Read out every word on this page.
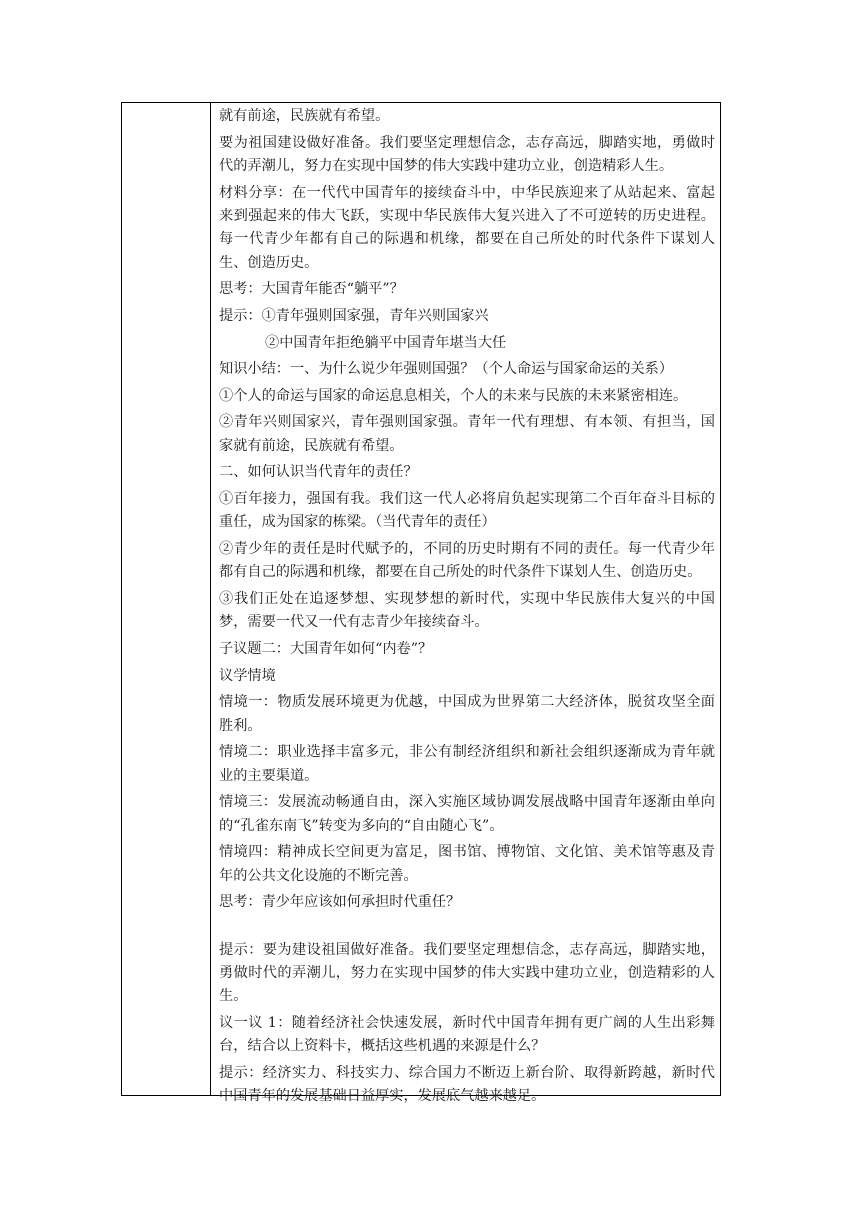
就有前途，民族就有希望。

要为祖国建设做好准备。我们要坚定理想信念，志存高远，脚踏实地，勇做时代的弄潮儿，努力在实现中国梦的伟大实践中建功立业，创造精彩人生。

材料分享：在一代代中国青年的接续奋斗中，中华民族迎来了从站起来、富起来到强起来的伟大飞跃，实现中华民族伟大复兴进入了不可逆转的历史进程。每一代青少年都有自己的际遇和机缘，都要在自己所处的时代条件下谋划人生、创造历史。

思考：大国青年能否“躺平”？

提示：①青年强则国家强，青年兴则国家兴

②中国青年拒绝躺平中国青年堪当大任

知识小结：一、为什么说少年强则国强？（个人命运与国家命运的关系）

①个人的命运与国家的命运息息相关，个人的未来与民族的未来紧密相连。

②青年兴则国家兴，青年强则国家强。青年一代有理想、有本领、有担当，国家就有前途，民族就有希望。

二、如何认识当代青年的责任？

①百年接力，强国有我。我们这一代人必将肩负起实现第二个百年奋斗目标的重任，成为国家的栋梁。（当代青年的责任）

②青少年的责任是时代赋予的，不同的历史时期有不同的责任。每一代青少年都有自己的际遇和机缘，都要在自己所处的时代条件下谋划人生、创造历史。

③我们正处在追逐梦想、实现梦想的新时代，实现中华民族伟大复兴的中国梦，需要一代又一代有志青少年接续奋斗。

子议题二：大国青年如何“内卷”？

议学情境

情境一：物质发展环境更为优越，中国成为世界第二大经济体，脱贫攻坚全面胜利。

情境二：职业选择丰富多元，非公有制经济组织和新社会组织逐渐成为青年就业的主要渠道。

情境三：发展流动畅通自由，深入实施区域协调发展战略中国青年逐渐由单向的“孔雀东南飞”转变为多向的“自由随心飞”。

情境四：精神成长空间更为富足，图书馆、博物馆、文化馆、美术馆等惠及青年的公共文化设施的不断完善。

思考：青少年应该如何承担时代重任？

提示：要为建设祖国做好准备。我们要坚定理想信念，志存高远，脚踏实地，勇做时代的弄潮儿，努力在实现中国梦的伟大实践中建功立业，创造精彩的人生。

议一议 1：随着经济社会快速发展，新时代中国青年拥有更广阔的人生出彩舞台，结合以上资料卡，概括这些机遇的来源是什么？

提示：经济实力、科技实力、综合国力不断迈上新台阶、取得新跨越，新时代中国青年的发展基础日益厚实，发展底气越来越足。
